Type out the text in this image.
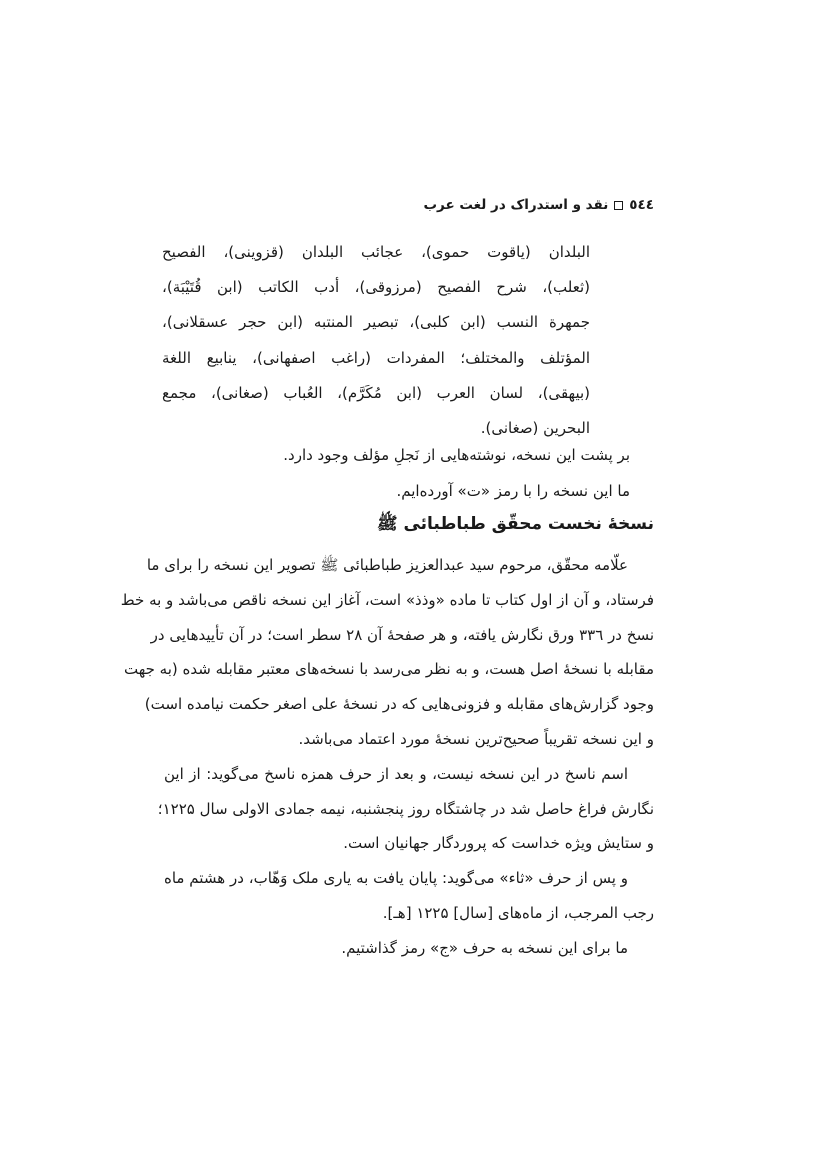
٥٤٤
نقد و استدراک در لغت عرب
البلدان (یاقوت حموی)، عجائب البلدان (قزوینی)، الفصیح
(ثعلب)، شرح الفصیح (مرزوقی)، أدب الکاتب (ابن قُتَیْبَة)،
جمهرة النسب (ابن کلبی)، تبصیر المنتبه (ابن حجر عسقلانی)،
المؤتلف والمختلف؛ المفردات (راغب اصفهانی)، ینابیع اللغة
(بیهقی)، لسان العرب (ابن مُکَرَّم)، العُباب (صغانی)، مجمع
البحرین (صغانی).
بر پشت این نسخه، نوشته‌هایی از نَجلِ مؤلف وجود دارد.
ما این نسخه را با رمز «ت» آورده‌ایم.
نسخهٔ نخست محقّق طباطبائی ﷺ
علّامه محقّق، مرحوم سید عبدالعزیز طباطبائی ﷺ تصویر این نسخه را برای ما
فرستاد، و آن از اول کتاب تا ماده «وذذ» است، آغاز این نسخه ناقص می‌باشد و به خط
نسخ در ۳۳٦ ورق نگارش یافته، و هر صفحهٔ آن ۲۸ سطر است؛ در آن تأییدهایی در
مقابله با نسخهٔ اصل هست، و به نظر می‌رسد با نسخه‌های معتبر مقابله شده (به جهت
وجود گزارش‌های مقابله و فزونی‌هایی که در نسخهٔ علی اصغر حکمت نیامده است)
و این نسخه تقریباً صحیح‌ترین نسخهٔ مورد اعتماد می‌باشد.
اسم ناسخ در این نسخه نیست، و بعد از حرف همزه ناسخ می‌گوید: از این
نگارش فراغ حاصل شد در چاشتگاه روز پنجشنبه، نیمه جمادی الاولی سال ۱۲۲۵؛
و ستایش ویژه خداست که پروردگار جهانیان است.
و پس از حرف «ثاء» می‌گوید: پایان یافت به یاری ملک وَهّاب، در هشتم ماه
رجب المرجب، از ماه‌های [سال] ۱۲۲۵ [هـ].
ما برای این نسخه به حرف «ج» رمز گذاشتیم.
